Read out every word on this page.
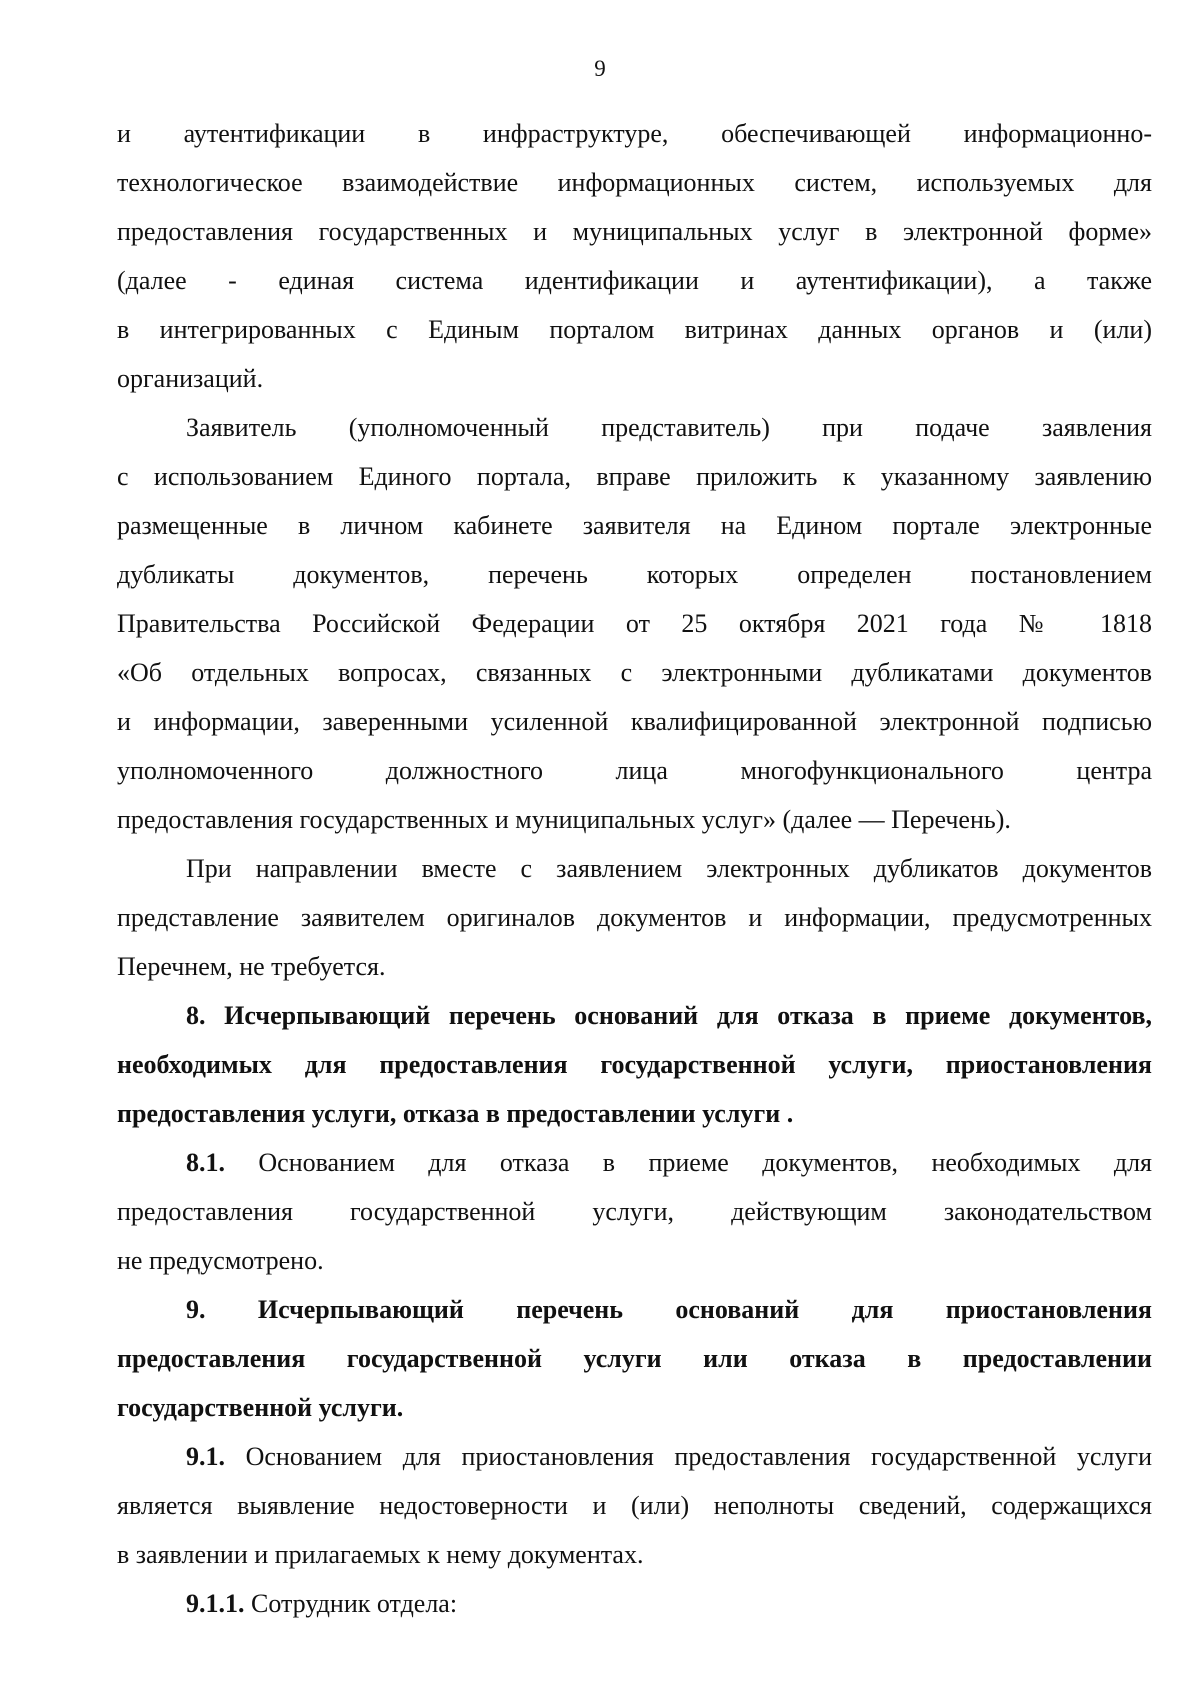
9
и аутентификации в инфраструктуре, обеспечивающей информационно-
технологическое взаимодействие информационных систем, используемых для
предоставления государственных и муниципальных услуг в электронной форме»
(далее - единая система идентификации и аутентификации), а также
в интегрированных с Единым порталом витринах данных органов и (или)
организаций.
Заявитель (уполномоченный представитель) при подаче заявления
с использованием Единого портала, вправе приложить к указанному заявлению
размещенные в личном кабинете заявителя на Едином портале электронные
дубликаты документов, перечень которых определен постановлением
Правительства Российской Федерации от 25 октября 2021 года № 1818
«Об отдельных вопросах, связанных с электронными дубликатами документов
и информации, заверенными усиленной квалифицированной электронной подписью
уполномоченного должностного лица многофункционального центра
предоставления государственных и муниципальных услуг» (далее — Перечень).
При направлении вместе с заявлением электронных дубликатов документов
представление заявителем оригиналов документов и информации, предусмотренных
Перечнем, не требуется.
8. Исчерпывающий перечень оснований для отказа в приеме документов,
необходимых для предоставления государственной услуги, приостановления
предоставления услуги, отказа в предоставлении услуги .
8.1. Основанием для отказа в приеме документов, необходимых для
предоставления государственной услуги, действующим законодательством
не предусмотрено.
9. Исчерпывающий перечень оснований для приостановления
предоставления государственной услуги или отказа в предоставлении
государственной услуги.
9.1. Основанием для приостановления предоставления государственной услуги
является выявление недостоверности и (или) неполноты сведений, содержащихся
в заявлении и прилагаемых к нему документах.
9.1.1. Сотрудник отдела:
